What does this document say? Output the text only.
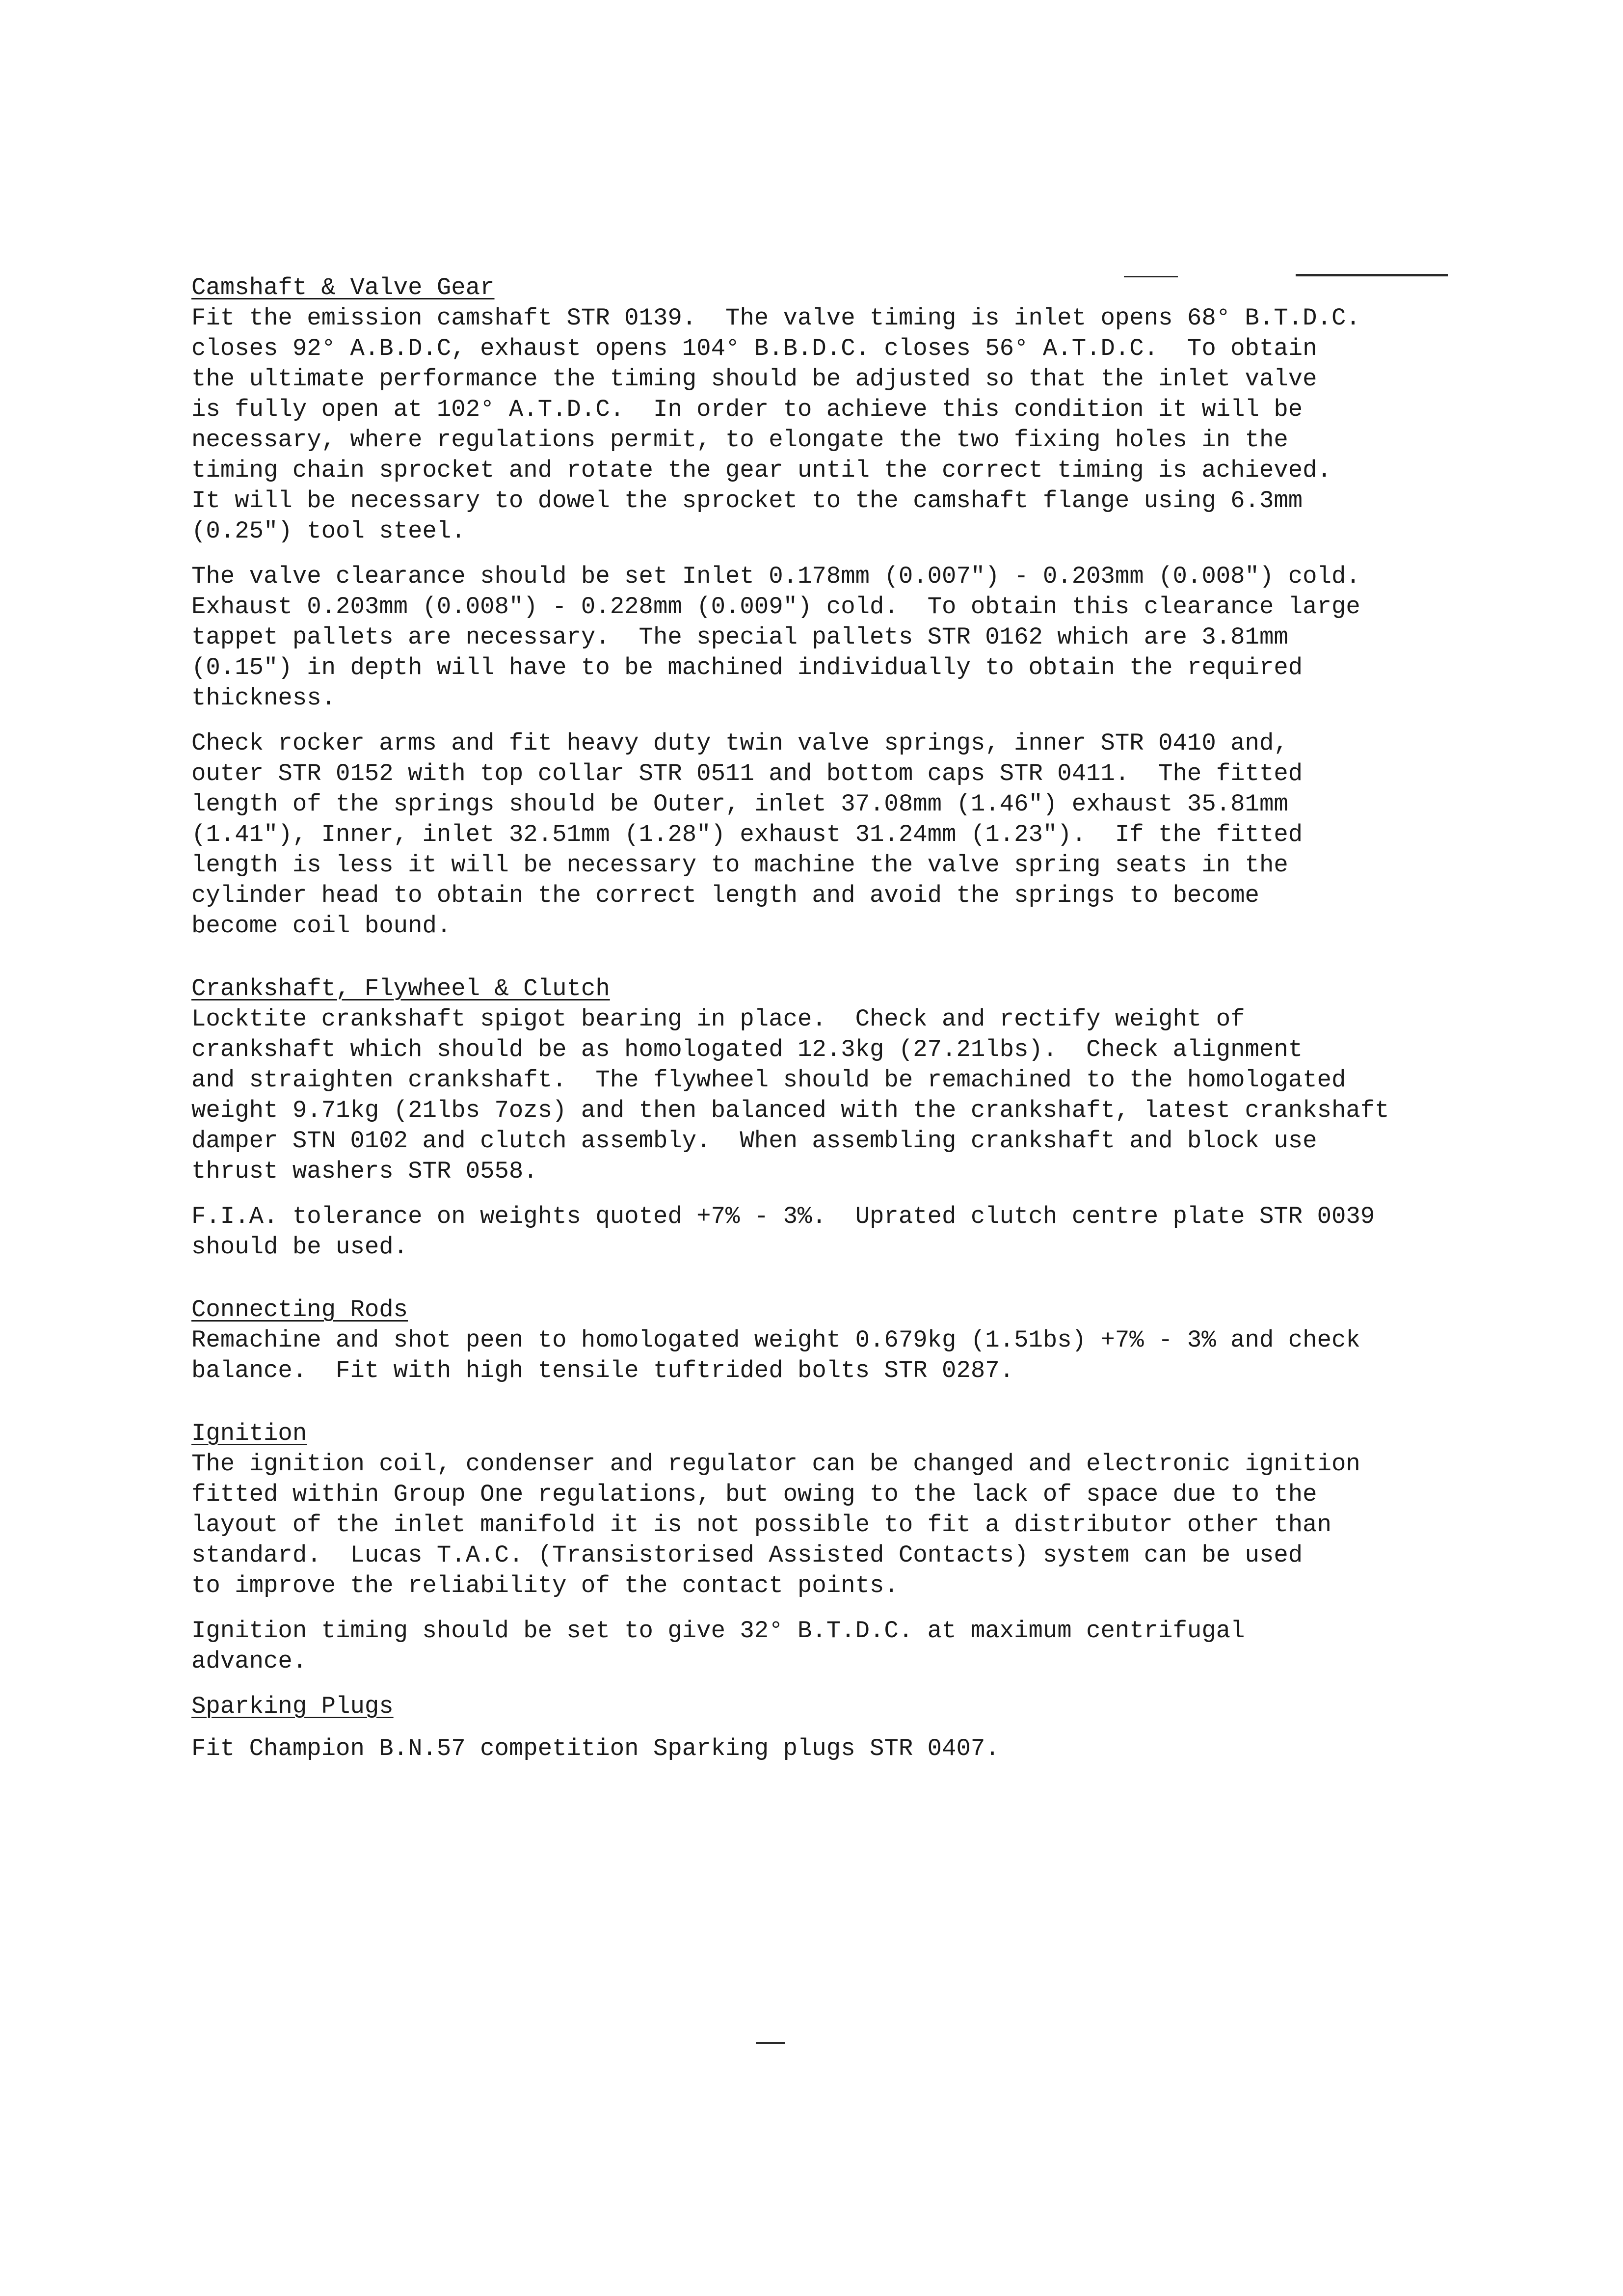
Camshaft & Valve Gear

Fit the emission camshaft STR 0139.  The valve timing is inlet opens 68° B.T.D.C.
closes 92° A.B.D.C, exhaust opens 104° B.B.D.C. closes 56° A.T.D.C.  To obtain
the ultimate performance the timing should be adjusted so that the inlet valve
is fully open at 102° A.T.D.C.  In order to achieve this condition it will be
necessary, where regulations permit, to elongate the two fixing holes in the
timing chain sprocket and rotate the gear until the correct timing is achieved.
It will be necessary to dowel the sprocket to the camshaft flange using 6.3mm
(0.25") tool steel.

The valve clearance should be set Inlet 0.178mm (0.007") - 0.203mm (0.008") cold.
Exhaust 0.203mm (0.008") - 0.228mm (0.009") cold.  To obtain this clearance large
tappet pallets are necessary.  The special pallets STR 0162 which are 3.81mm
(0.15") in depth will have to be machined individually to obtain the required
thickness.

Check rocker arms and fit heavy duty twin valve springs, inner STR 0410 and,
outer STR 0152 with top collar STR 0511 and bottom caps STR 0411.  The fitted
length of the springs should be Outer, inlet 37.08mm (1.46") exhaust 35.81mm
(1.41"), Inner, inlet 32.51mm (1.28") exhaust 31.24mm (1.23").  If the fitted
length is less it will be necessary to machine the valve spring seats in the
cylinder head to obtain the correct length and avoid the springs to become
become coil bound.

Crankshaft, Flywheel & Clutch

Locktite crankshaft spigot bearing in place.  Check and rectify weight of
crankshaft which should be as homologated 12.3kg (27.21lbs).  Check alignment
and straighten crankshaft.  The flywheel should be remachined to the homologated
weight 9.71kg (21lbs 7ozs) and then balanced with the crankshaft, latest crankshaft
damper STN 0102 and clutch assembly.  When assembling crankshaft and block use
thrust washers STR 0558.

F.I.A. tolerance on weights quoted +7% - 3%.  Uprated clutch centre plate STR 0039
should be used.

Connecting Rods

Remachine and shot peen to homologated weight 0.679kg (1.51bs) +7% - 3% and check
balance.  Fit with high tensile tuftrided bolts STR 0287.

Ignition

The ignition coil, condenser and regulator can be changed and electronic ignition
fitted within Group One regulations, but owing to the lack of space due to the
layout of the inlet manifold it is not possible to fit a distributor other than
standard.  Lucas T.A.C. (Transistorised Assisted Contacts) system can be used
to improve the reliability of the contact points.

Ignition timing should be set to give 32° B.T.D.C. at maximum centrifugal
advance.

Sparking Plugs

Fit Champion B.N.57 competition Sparking plugs STR 0407.
